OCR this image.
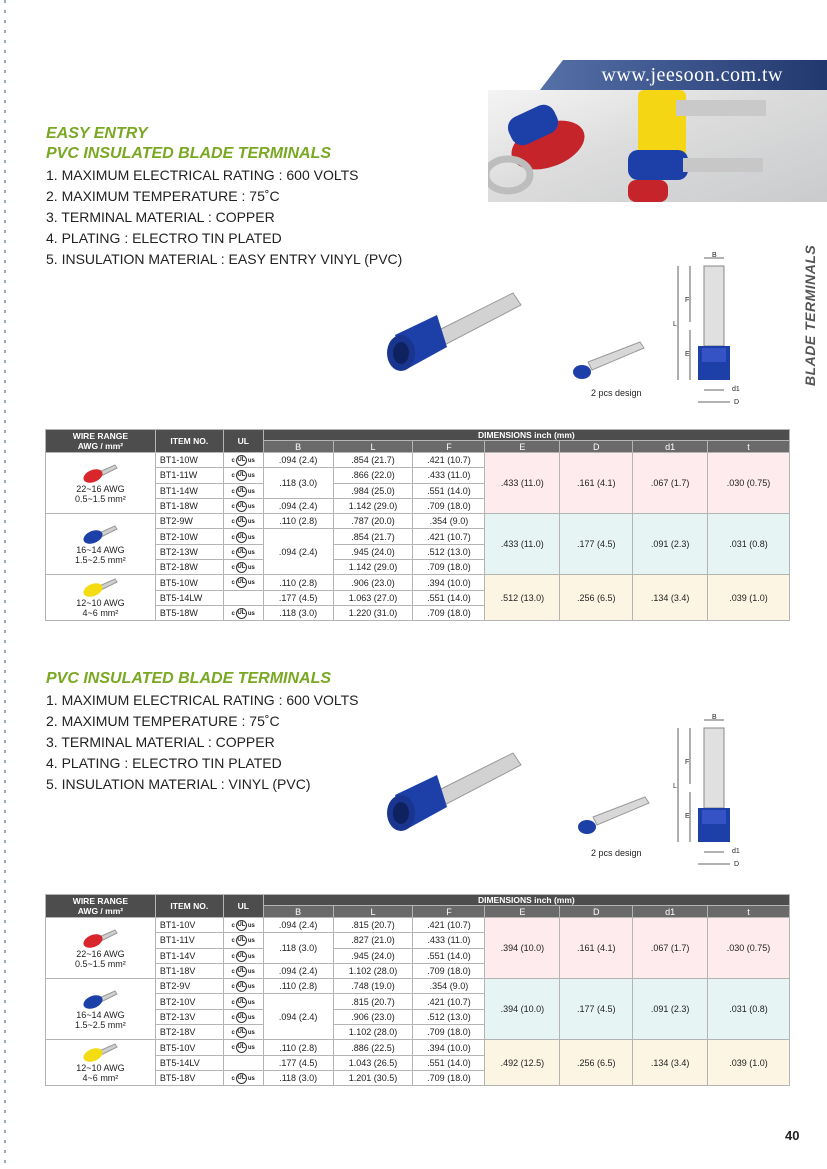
www.jeesoon.com.tw
BLADE TERMINALS
EASY ENTRY
PVC INSULATED BLADE TERMINALS
1. MAXIMUM ELECTRICAL RATING : 600 VOLTS
2. MAXIMUM TEMPERATURE : 75˚C
3. TERMINAL MATERIAL : COPPER
4. PLATING : ELECTRO TIN PLATED
5. INSULATION MATERIAL : EASY ENTRY VINYL (PVC)
2 pcs design
B
F
L
E
d1
D
WIRE RANGE
AWG / mm²	ITEM NO.	UL	DIMENSIONS inch (mm)						
			B	L	F	E	D	d1	t

22~16 AWG
0.5~1.5 mm²	BT1-10W	c UL us	.094 (2.4)	.854 (21.7)	.421 (10.7)	.433 (11.0)	.161 (4.1)	.067 (1.7)	.030 (0.75)
	BT1-11W	c UL us	.118 (3.0)	.866 (22.0)	.433 (11.0)				
	BT1-14W	c UL us		.984 (25.0)	.551 (14.0)				
	BT1-18W	c UL us	.094 (2.4)	1.142 (29.0)	.709 (18.0)				

16~14 AWG
1.5~2.5 mm²	BT2-9W	c UL us	.110 (2.8)	.787 (20.0)	.354 (9.0)	.433 (11.0)	.177 (4.5)	.091 (2.3)	.031 (0.8)
	BT2-10W	c UL us	.094 (2.4)	.854 (21.7)	.421 (10.7)				
	BT2-13W	c UL us		.945 (24.0)	.512 (13.0)				
	BT2-18W	c UL us		1.142 (29.0)	.709 (18.0)				

12~10 AWG
4~6 mm²	BT5-10W	c UL us	.110 (2.8)	.906 (23.0)	.394 (10.0)	.512 (13.0)	.256 (6.5)	.134 (3.4)	.039 (1.0)
	BT5-14LW		.177 (4.5)	1.063 (27.0)	.551 (14.0)				
	BT5-18W	c UL us	.118 (3.0)	1.220 (31.0)	.709 (18.0)				
PVC INSULATED BLADE TERMINALS
1. MAXIMUM ELECTRICAL RATING : 600 VOLTS
2. MAXIMUM TEMPERATURE : 75˚C
3. TERMINAL MATERIAL : COPPER
4. PLATING : ELECTRO TIN PLATED
5. INSULATION MATERIAL : VINYL (PVC)
2 pcs design
B
F
L
E
d1
D
WIRE RANGE
AWG / mm²	ITEM NO.	UL	DIMENSIONS inch (mm)						
			B	L	F	E	D	d1	t

22~16 AWG
0.5~1.5 mm²	BT1-10V	c UL us	.094 (2.4)	.815 (20.7)	.421 (10.7)	.394 (10.0)	.161 (4.1)	.067 (1.7)	.030 (0.75)
	BT1-11V	c UL us	.118 (3.0)	.827 (21.0)	.433 (11.0)				
	BT1-14V	c UL us		.945 (24.0)	.551 (14.0)				
	BT1-18V	c UL us	.094 (2.4)	1.102 (28.0)	.709 (18.0)				

16~14 AWG
1.5~2.5 mm²	BT2-9V	c UL us	.110 (2.8)	.748 (19.0)	.354 (9.0)	.394 (10.0)	.177 (4.5)	.091 (2.3)	.031 (0.8)
	BT2-10V	c UL us	.094 (2.4)	.815 (20.7)	.421 (10.7)				
	BT2-13V	c UL us		.906 (23.0)	.512 (13.0)				
	BT2-18V	c UL us		1.102 (28.0)	.709 (18.0)				

12~10 AWG
4~6 mm²	BT5-10V	c UL us	.110 (2.8)	.886 (22.5)	.394 (10.0)	.492 (12.5)	.256 (6.5)	.134 (3.4)	.039 (1.0)
	BT5-14LV		.177 (4.5)	1.043 (26.5)	.551 (14.0)				
	BT5-18V	c UL us	.118 (3.0)	1.201 (30.5)	.709 (18.0)				
40
